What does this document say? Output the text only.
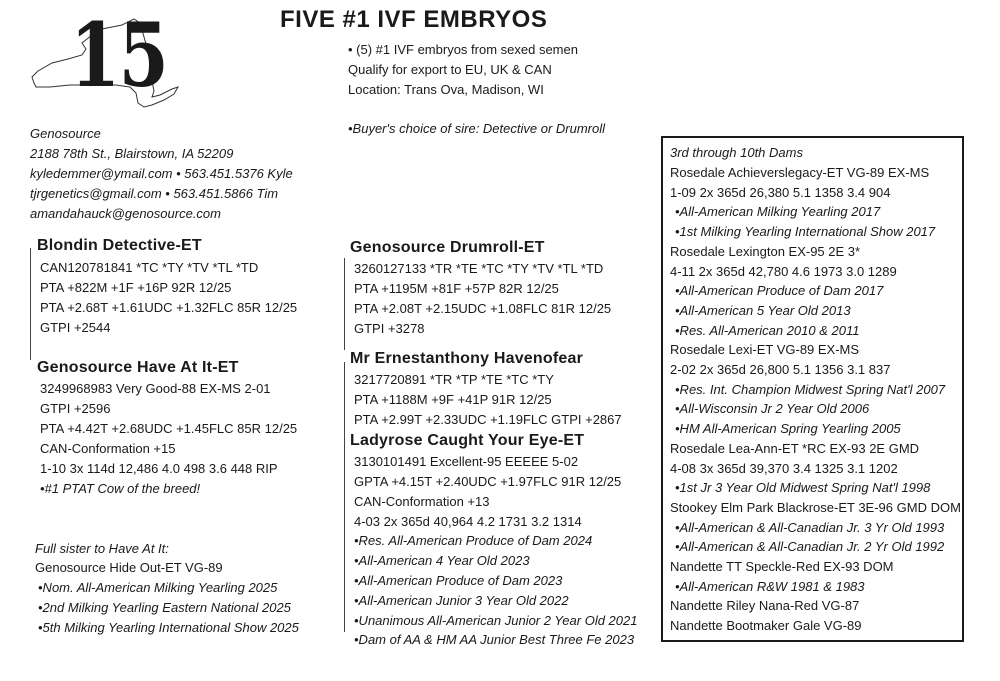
15	FIVE #1 IVF EMBRYOS
• (5) #1 IVF embryos from sexed semen
Qualify for export to EU, UK & CAN
Location: Trans Ova, Madison, WI
•Buyer's choice of sire: Detective or Drumroll
Genosource
2188 78th St., Blairstown, IA 52209
kyledemmer@ymail.com • 563.451.5376 Kyle
tjrgenetics@gmail.com • 563.451.5866 Tim
amandahauck@genosource.com
Blondin Detective-ET
CAN120781841 *TC *TY *TV *TL *TD
PTA +822M +1F +16P 92R 12/25
PTA +2.68T +1.61UDC +1.32FLC 85R 12/25
GTPI +2544
Genosource Have At It-ET
3249968983 Very Good-88 EX-MS 2-01
GTPI +2596
PTA +4.42T +2.68UDC +1.45FLC 85R 12/25
CAN-Conformation +15
1-10 3x 114d 12,486 4.0 498 3.6 448 RIP
•#1 PTAT Cow of the breed!
Full sister to Have At It:
Genosource Hide Out-ET VG-89
•Nom. All-American Milking Yearling 2025
•2nd Milking Yearling Eastern National 2025
•5th Milking Yearling International Show 2025
Genosource Drumroll-ET
3260127133 *TR *TE *TC *TY *TV *TL *TD
PTA +1195M +81F +57P 82R 12/25
PTA +2.08T +2.15UDC +1.08FLC 81R 12/25
GTPI +3278
Mr Ernestanthony Havenofear
3217720891 *TR *TP *TE *TC *TY
PTA +1188M +9F +41P 91R 12/25
PTA +2.99T +2.33UDC +1.19FLC GTPI +2867
Ladyrose Caught Your Eye-ET
3130101491 Excellent-95 EEEEE 5-02
GPTA +4.15T +2.40UDC +1.97FLC 91R 12/25
CAN-Conformation +13
4-03 2x 365d 40,964 4.2 1731 3.2 1314
•Res. All-American Produce of Dam 2024
•All-American 4 Year Old 2023
•All-American Produce of Dam 2023
•All-American Junior 3 Year Old 2022
•Unanimous All-American Junior 2 Year Old 2021
•Dam of AA & HM AA Junior Best Three Fe 2023
3rd through 10th Dams
Rosedale Achieverslegacy-ET VG-89 EX-MS
1-09 2x 365d 26,380 5.1 1358 3.4 904
•All-American Milking Yearling 2017
•1st Milking Yearling International Show 2017
Rosedale Lexington EX-95 2E 3*
4-11 2x 365d 42,780 4.6 1973 3.0 1289
•All-American Produce of Dam 2017
•All-American 5 Year Old 2013
•Res. All-American 2010 & 2011
Rosedale Lexi-ET VG-89 EX-MS
2-02 2x 365d 26,800 5.1 1356 3.1 837
•Res. Int. Champion Midwest Spring Nat'l 2007
•All-Wisconsin Jr 2 Year Old 2006
•HM All-American Spring Yearling 2005
Rosedale Lea-Ann-ET *RC EX-93 2E GMD
4-08 3x 365d 39,370 3.4 1325 3.1 1202
•1st Jr 3 Year Old Midwest Spring Nat'l 1998
Stookey Elm Park Blackrose-ET 3E-96 GMD DOM
•All-American & All-Canadian Jr. 3 Yr Old 1993
•All-American & All-Canadian Jr. 2 Yr Old 1992
Nandette TT Speckle-Red EX-93 DOM
•All-American R&W 1981 & 1983
Nandette Riley Nana-Red VG-87
Nandette Bootmaker Gale VG-89
